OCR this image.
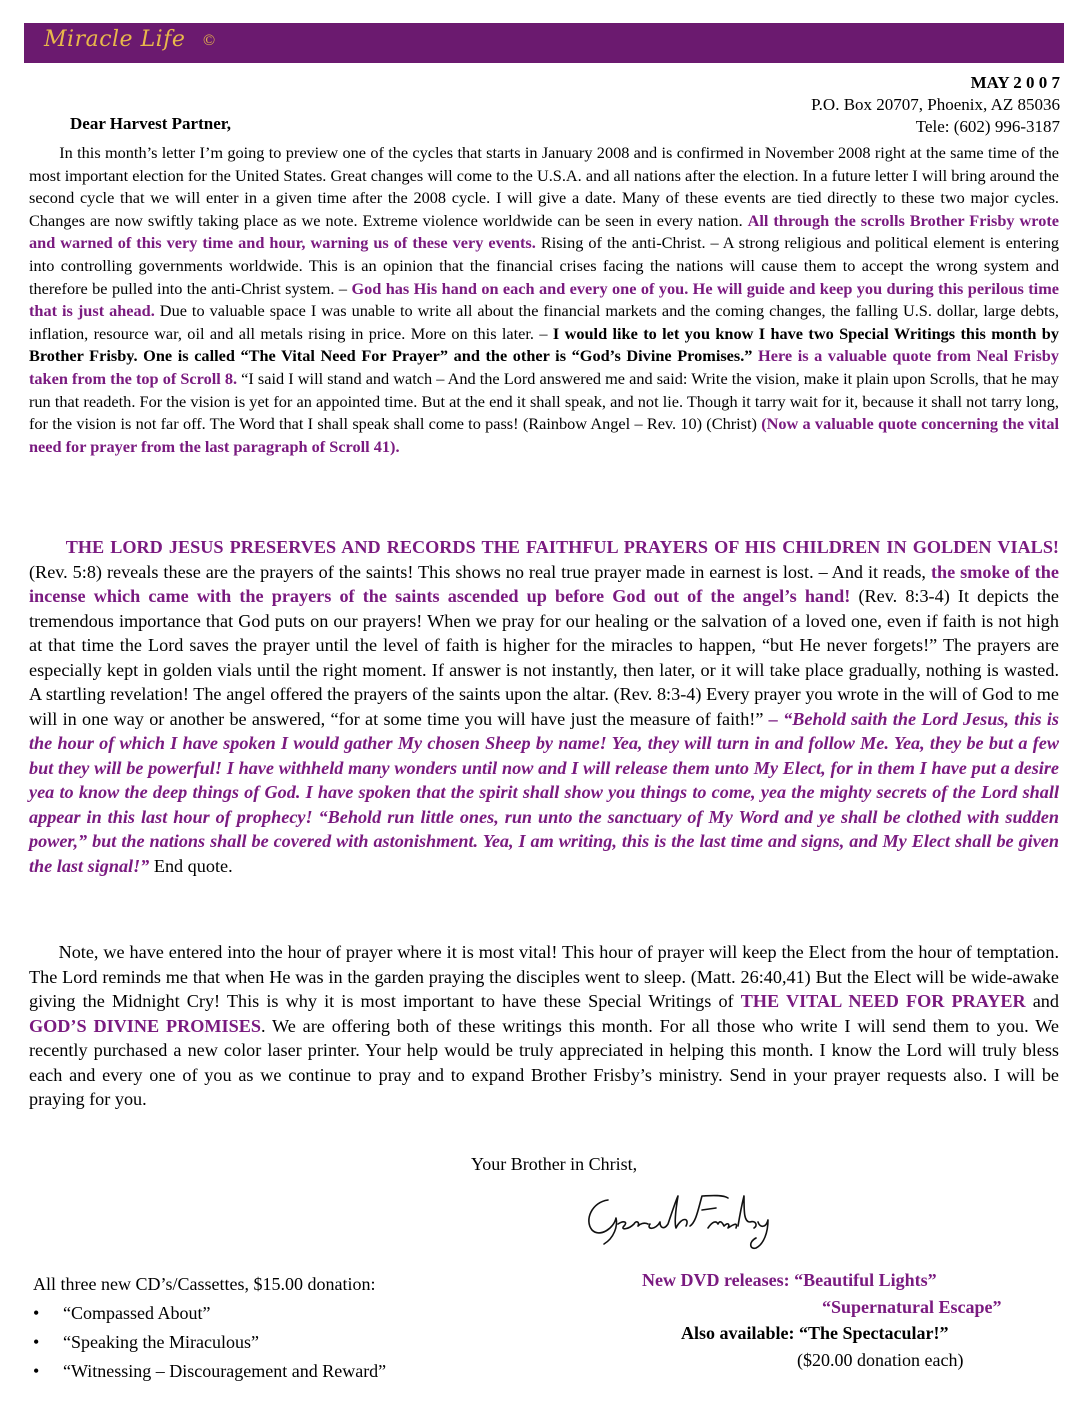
Miracle Life ©
MAY 2 0 0 7
P.O. Box 20707, Phoenix, AZ 85036
Tele: (602) 996-3187
Dear Harvest Partner,
In this month’s letter I’m going to preview one of the cycles that starts in January 2008 and is confirmed in November 2008 right at the same time of the most important election for the United States. Great changes will come to the U.S.A. and all nations after the election. In a future letter I will bring around the second cycle that we will enter in a given time after the 2008 cycle. I will give a date. Many of these events are tied directly to these two major cycles. Changes are now swiftly taking place as we note. Extreme violence worldwide can be seen in every nation. All through the scrolls Brother Frisby wrote and warned of this very time and hour, warning us of these very events. Rising of the anti-Christ. – A strong religious and political element is entering into controlling governments worldwide. This is an opinion that the financial crises facing the nations will cause them to accept the wrong system and therefore be pulled into the anti-Christ system. – God has His hand on each and every one of you. He will guide and keep you during this perilous time that is just ahead. Due to valuable space I was unable to write all about the financial markets and the coming changes, the falling U.S. dollar, large debts, inflation, resource war, oil and all metals rising in price. More on this later. – I would like to let you know I have two Special Writings this month by Brother Frisby. One is called “The Vital Need For Prayer” and the other is “God’s Divine Promises.” Here is a valuable quote from Neal Frisby taken from the top of Scroll 8. “I said I will stand and watch – And the Lord answered me and said: Write the vision, make it plain upon Scrolls, that he may run that readeth. For the vision is yet for an appointed time. But at the end it shall speak, and not lie. Though it tarry wait for it, because it shall not tarry long, for the vision is not far off. The Word that I shall speak shall come to pass! (Rainbow Angel – Rev. 10) (Christ) (Now a valuable quote concerning the vital need for prayer from the last paragraph of Scroll 41).
THE LORD JESUS PRESERVES AND RECORDS THE FAITHFUL PRAYERS OF HIS CHILDREN IN GOLDEN VIALS! (Rev. 5:8) reveals these are the prayers of the saints! This shows no real true prayer made in earnest is lost. – And it reads, the smoke of the incense which came with the prayers of the saints ascended up before God out of the angel’s hand! (Rev. 8:3-4) It depicts the tremendous importance that God puts on our prayers! When we pray for our healing or the salvation of a loved one, even if faith is not high at that time the Lord saves the prayer until the level of faith is higher for the miracles to happen, “but He never forgets!” The prayers are especially kept in golden vials until the right moment. If answer is not instantly, then later, or it will take place gradually, nothing is wasted. A startling revelation! The angel offered the prayers of the saints upon the altar. (Rev. 8:3-4) Every prayer you wrote in the will of God to me will in one way or another be answered, “for at some time you will have just the measure of faith!” – “Behold saith the Lord Jesus, this is the hour of which I have spoken I would gather My chosen Sheep by name! Yea, they will turn in and follow Me. Yea, they be but a few but they will be powerful! I have withheld many wonders until now and I will release them unto My Elect, for in them I have put a desire yea to know the deep things of God. I have spoken that the spirit shall show you things to come, yea the mighty secrets of the Lord shall appear in this last hour of prophecy! “Behold run little ones, run unto the sanctuary of My Word and ye shall be clothed with sudden power,” but the nations shall be covered with astonishment. Yea, I am writing, this is the last time and signs, and My Elect shall be given the last signal!” End quote.
Note, we have entered into the hour of prayer where it is most vital! This hour of prayer will keep the Elect from the hour of temptation. The Lord reminds me that when He was in the garden praying the disciples went to sleep. (Matt. 26:40,41) But the Elect will be wide-awake giving the Midnight Cry! This is why it is most important to have these Special Writings of THE VITAL NEED FOR PRAYER and GOD’S DIVINE PROMISES. We are offering both of these writings this month. For all those who write I will send them to you. We recently purchased a new color laser printer. Your help would be truly appreciated in helping this month. I know the Lord will truly bless each and every one of you as we continue to pray and to expand Brother Frisby’s ministry. Send in your prayer requests also. I will be praying for you.
Your Brother in Christ,
All three new CD’s/Cassettes, $15.00 donation:
• “Compassed About”
• “Speaking the Miraculous”
• “Witnessing – Discouragement and Reward”
New DVD releases: “Beautiful Lights”
“Supernatural Escape”
Also available: “The Spectacular!”
($20.00 donation each)
